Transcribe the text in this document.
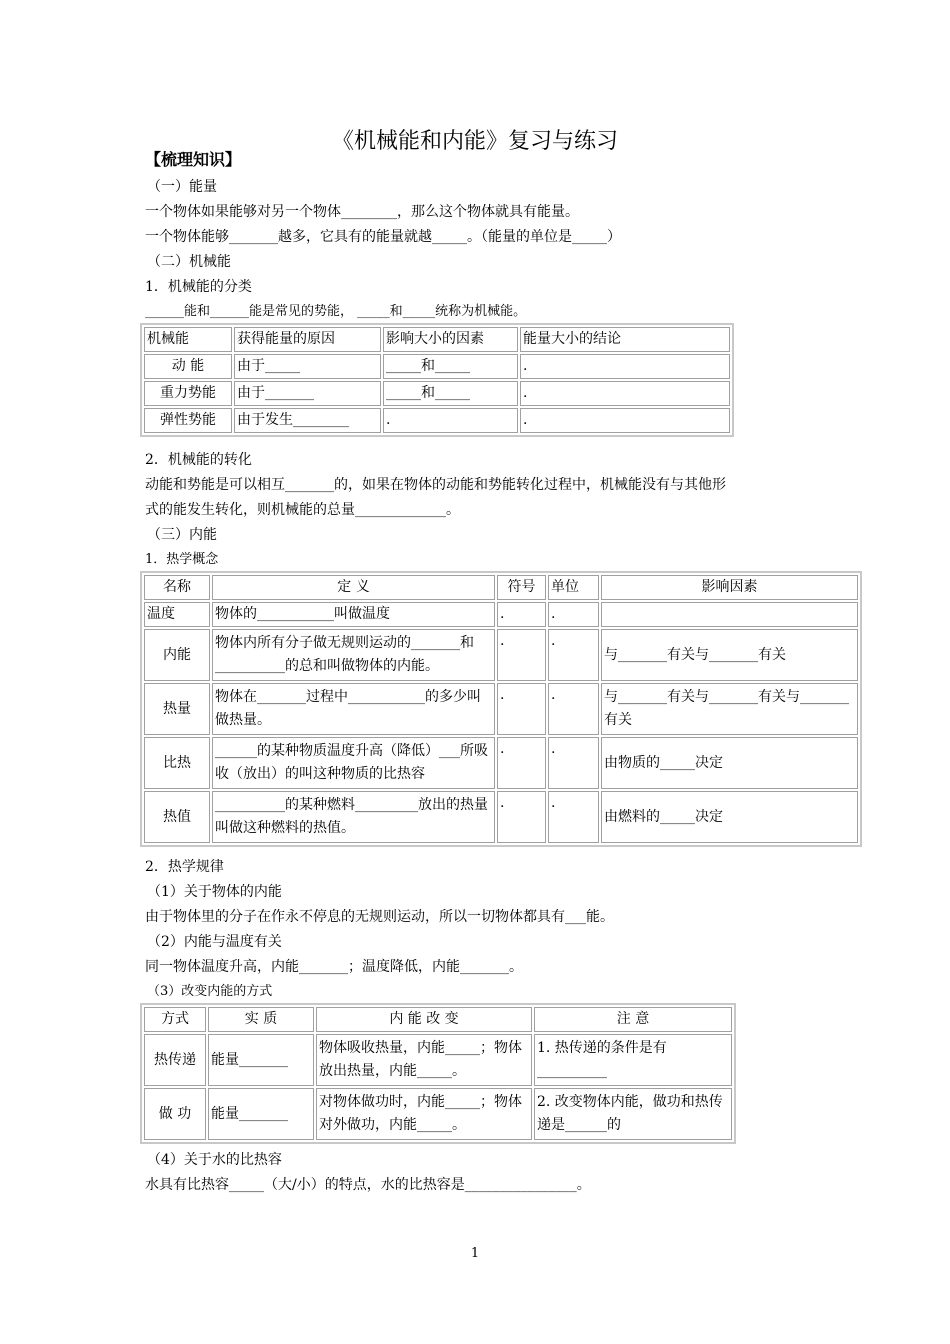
《机械能和内能》复习与练习
【梳理知识】
（一）能量
一个物体如果能够对另一个物体________，那么这个物体就具有能量。
一个物体能够_______越多，它具有的能量就越_____。（能量的单位是_____）
（二）机械能
1．机械能的分类
______能和______能是常见的势能， _____和_____统称为机械能。
机械能	获得能量的原因	影响大小的因素	能量大小的结论
动 能	由于_____	_____和_____	.
重力势能	由于_______	_____和_____	.
弹性势能	由于发生________	.	.
2．机械能的转化
动能和势能是可以相互_______的，如果在物体的动能和势能转化过程中，机械能没有与其他形
式的能发生转化，则机械能的总量_____________。
（三）内能
1．热学概念
名称	定 义	符号	单位	影响因素
温度	物体的___________叫做温度	.	.	
内能	物体内所有分子做无规则运动的_______和__________的总和叫做物体的内能。	.	.	与_______有关与_______有关
热量	物体在_______过程中___________的多少叫做热量。	.	.	与_______有关与_______有关与_______有关
比热	______的某种物质温度升高（降低）___所吸收（放出）的叫这种物质的比热容	.	.	由物质的_____决定
热值	__________的某种燃料_________放出的热量叫做这种燃料的热值。	.	.	由燃料的_____决定
2．热学规律
（1）关于物体的内能
由于物体里的分子在作永不停息的无规则运动，所以一切物体都具有___能。
（2）内能与温度有关
同一物体温度升高，内能_______；温度降低，内能_______。
（3）改变内能的方式
方式	实 质	内 能 改 变	注 意
热传递	能量_______	物体吸收热量，内能_____；物体放出热量，内能_____。	1. 热传递的条件是有__________
做 功	能量_______	对物体做功时，内能_____；物体对外做功，内能_____。	2. 改变物体内能，做功和热传递是______的
（4）关于水的比热容
水具有比热容_____（大/小）的特点，水的比热容是________________。
1
